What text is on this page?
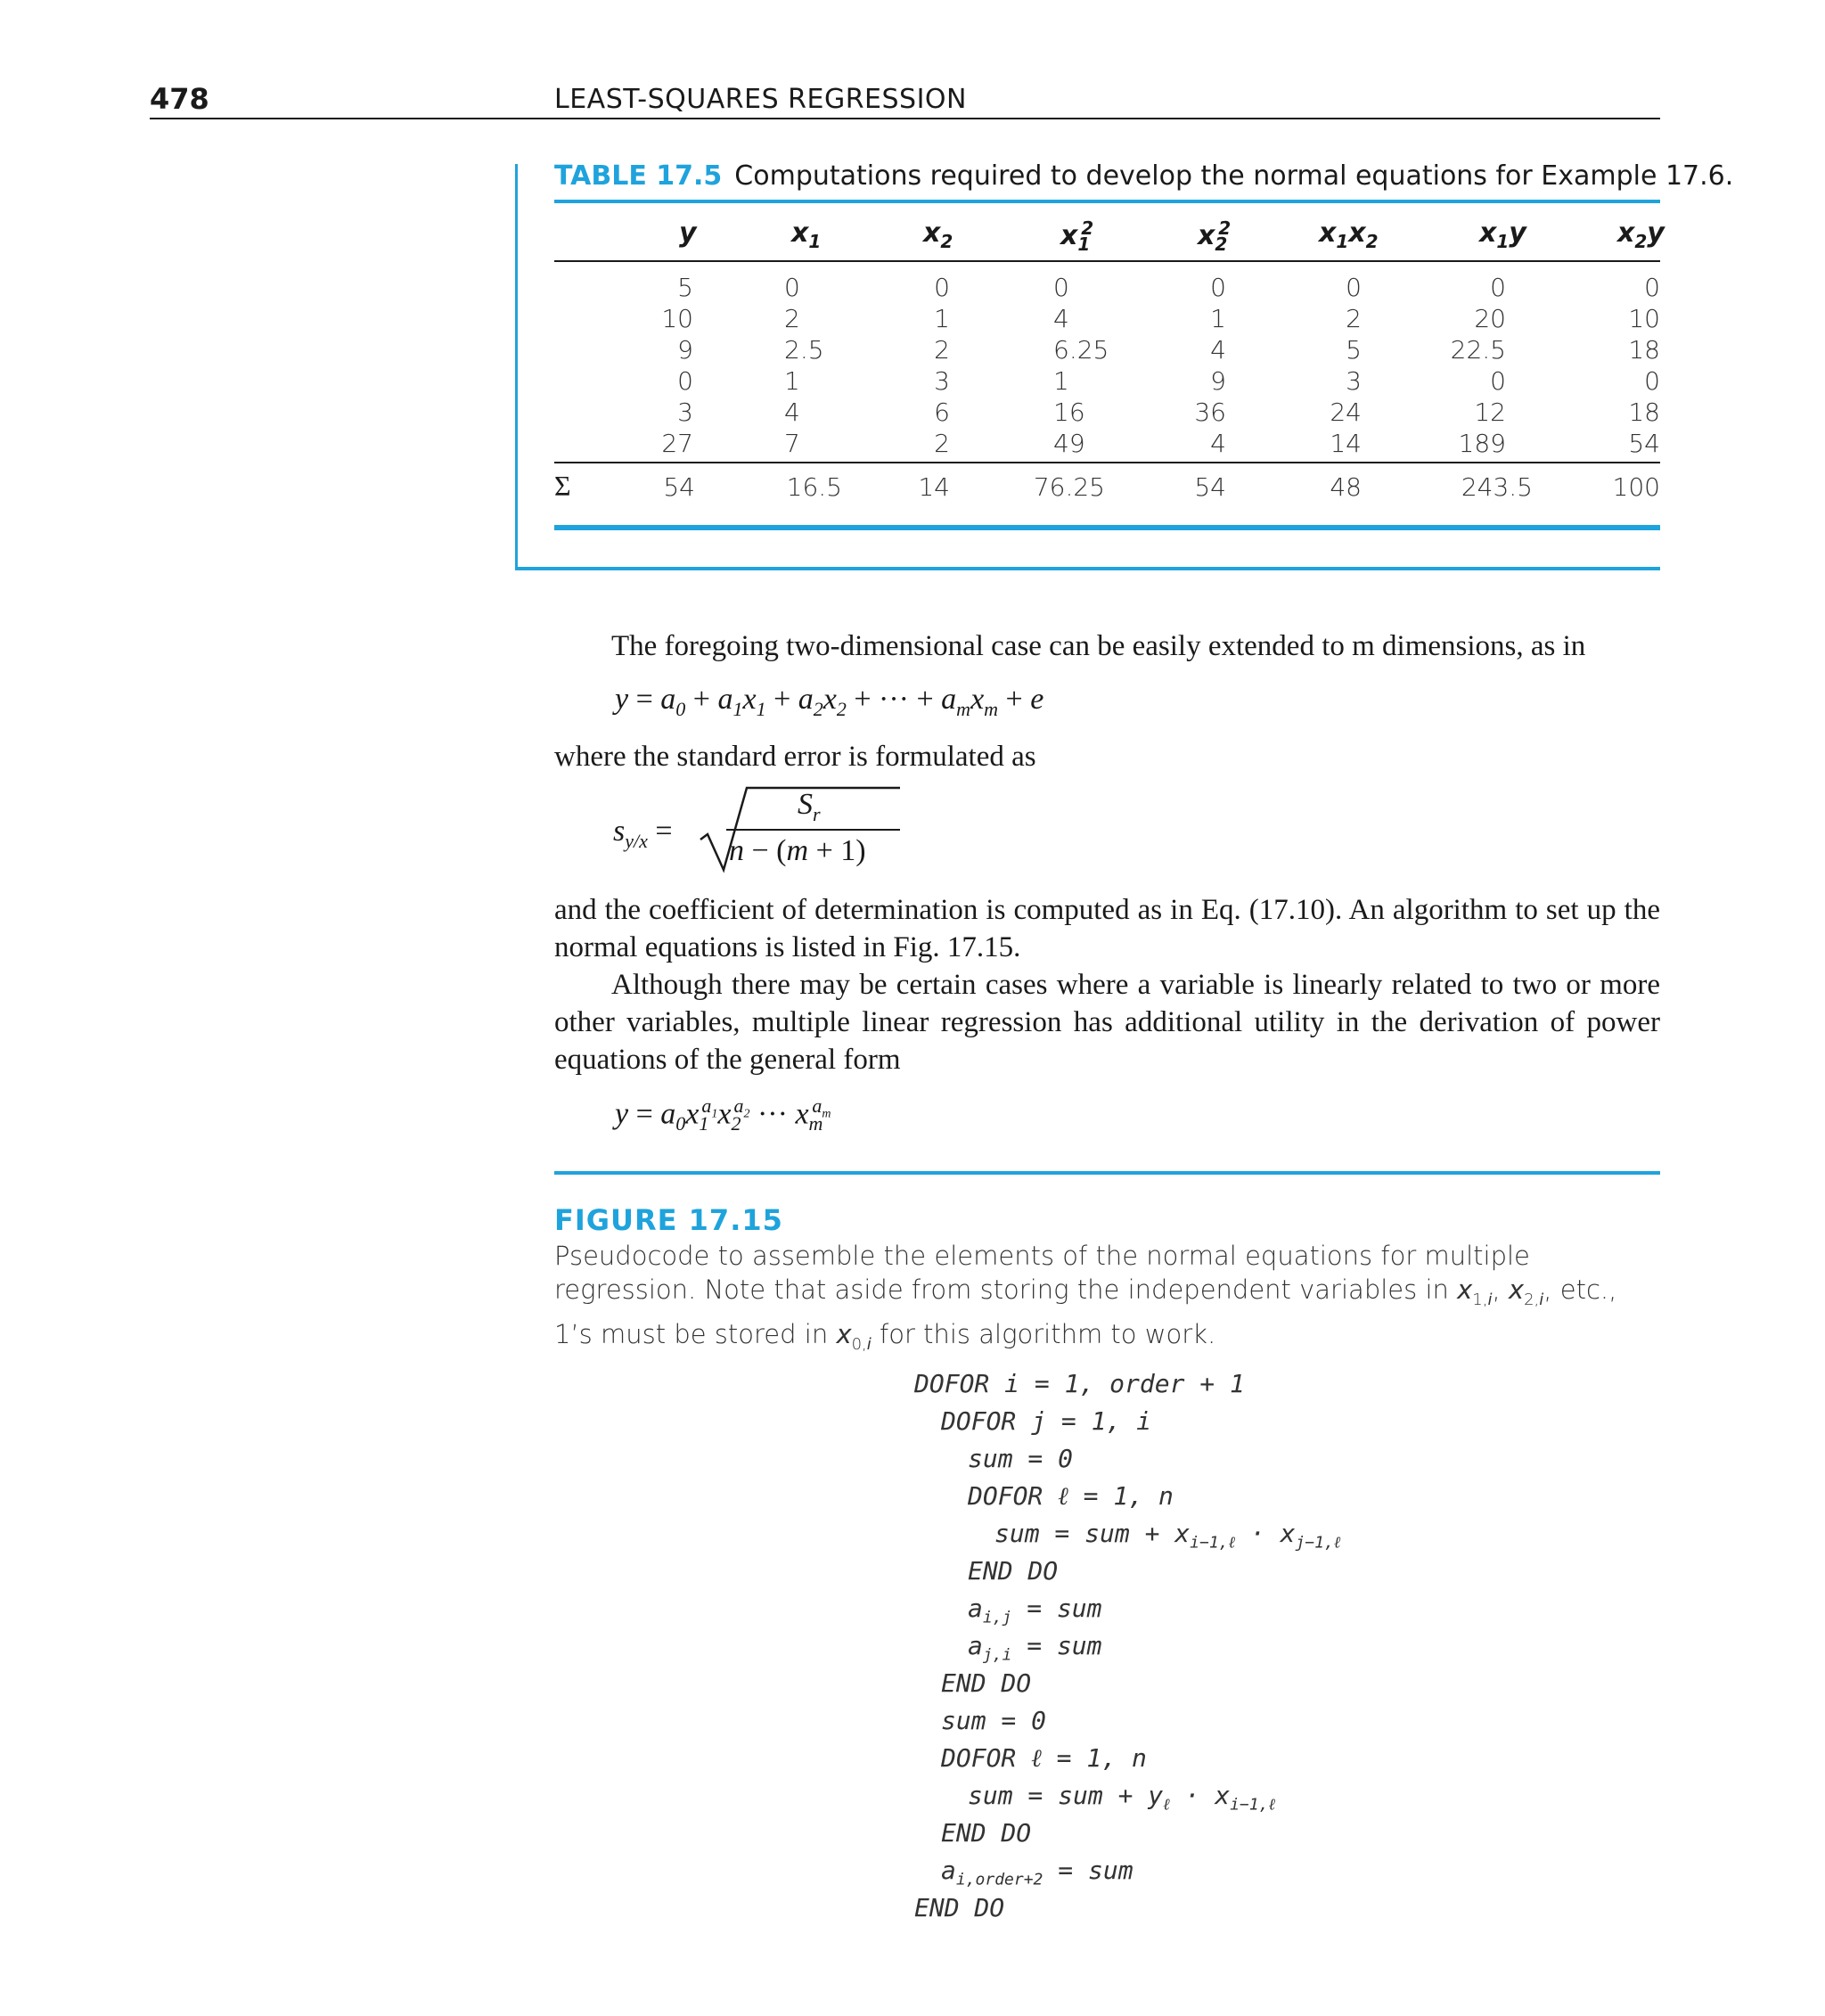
478	LEAST-SQUARES REGRESSION
TABLE 17.5 Computations required to develop the normal equations for Example 17.6.
y	$x_1$	$x_2$	$x_1^2$	$x_2^2$	$x_1x_2$	$x_1y$	$x_2y$
5	0	0	0	0	0	0	0
10	2	1	4	1	2	20	10
9	2.5	2	6.25	4	5	22.5	18
0	1	3	1	9	3	0	0
3	4	6	16	36	24	12	18
27	7	2	49	4	14	189	54
Σ	54	16.5	14	76.25	54	48	243.5	100
The foregoing two-dimensional case can be easily extended to m dimensions, as in
$y = a_0 + a_1x_1 + a_2x_2$ + ··· + $a_mx_m + e$
where the standard error is formulated as
$s_{y/x}$ =
$S_r$
n − (m + 1)
and the coefficient of determination is computed as in Eq. (17.10). An algorithm to set up the normal equations is listed in Fig. 17.15.
Although there may be certain cases where a variable is linearly related to two or more other variables, multiple linear regression has additional utility in the derivation of power equations of the general form
$y = a_0x_1^{a_1}x_2^{a_2}$ ··· $x_m^{a_m}$
FIGURE 17.15
Pseudocode to assemble the elements of the normal equations for multiple regression. Note that aside from storing the independent variables in $x_{1,i}$, $x_{2,i}$, etc., 1’s must be stored in $x_{0,i}$ for this algorithm to work.
DOFOR i = 1, order + 1
DOFOR j = 1, i
sum = 0
DOFOR ℓ = 1, n
sum = sum + $x_{i-1,\ell} \cdot x_{j-1,\ell}$
END DO
$a_{i,j}$ = sum
$a_{j,i}$ = sum
END DO
sum = 0
DOFOR ℓ = 1, n
sum = sum + $y_\ell \cdot x_{i-1,\ell}$
END DO
$a_{i,order+2}$ = sum
END DO
